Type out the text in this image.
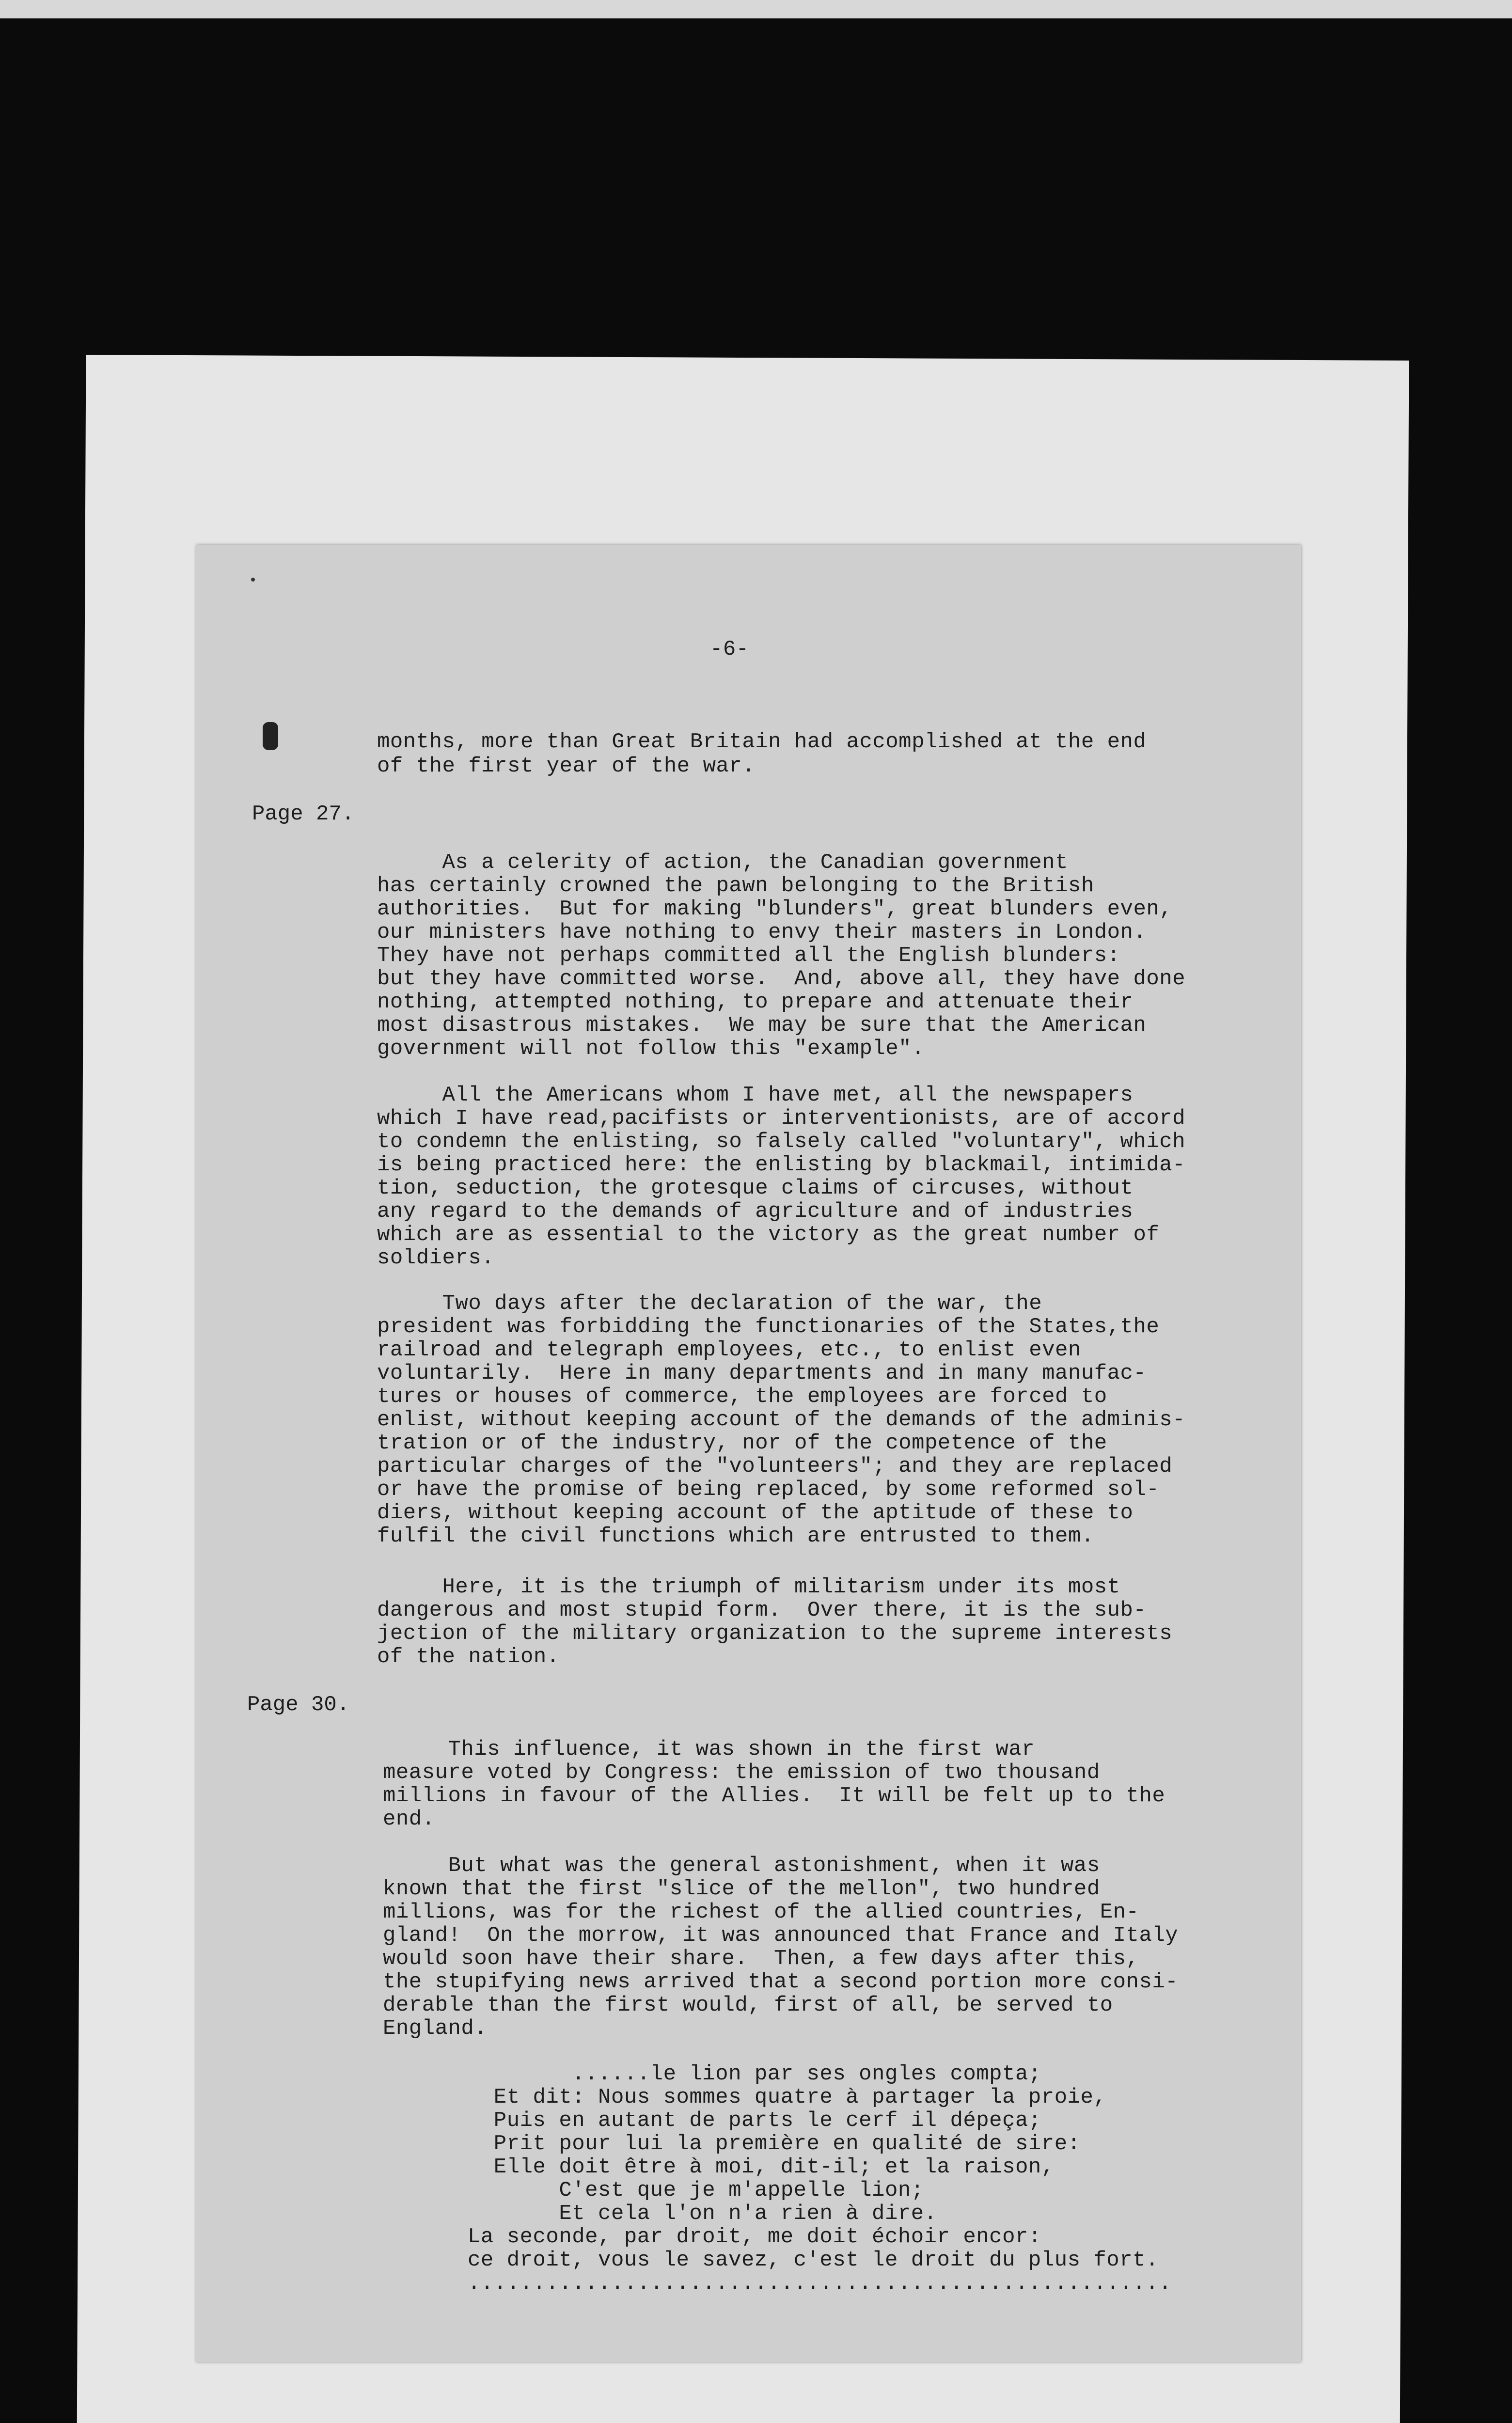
-6-
months, more than Great Britain had accomplished at the end
of the first year of the war.
Page 27.
As a celerity of action, the Canadian government
has certainly crowned the pawn belonging to the British
authorities.  But for making "blunders", great blunders even,
our ministers have nothing to envy their masters in London.
They have not perhaps committed all the English blunders:
but they have committed worse.  And, above all, they have done
nothing, attempted nothing, to prepare and attenuate their
most disastrous mistakes.  We may be sure that the American
government will not follow this "example".
All the Americans whom I have met, all the newspapers
which I have read,pacifists or interventionists, are of accord
to condemn the enlisting, so falsely called "voluntary", which
is being practiced here: the enlisting by blackmail, intimida-
tion, seduction, the grotesque claims of circuses, without
any regard to the demands of agriculture and of industries
which are as essential to the victory as the great number of
soldiers.
Two days after the declaration of the war, the
president was forbidding the functionaries of the States,the
railroad and telegraph employees, etc., to enlist even
voluntarily.  Here in many departments and in many manufac-
tures or houses of commerce, the employees are forced to
enlist, without keeping account of the demands of the adminis-
tration or of the industry, nor of the competence of the
particular charges of the "volunteers"; and they are replaced
or have the promise of being replaced, by some reformed sol-
diers, without keeping account of the aptitude of these to
fulfil the civil functions which are entrusted to them.
Here, it is the triumph of militarism under its most
dangerous and most stupid form.  Over there, it is the sub-
jection of the military organization to the supreme interests
of the nation.
Page 30.
This influence, it was shown in the first war
measure voted by Congress: the emission of two thousand
millions in favour of the Allies.  It will be felt up to the
end.
But what was the general astonishment, when it was
known that the first "slice of the mellon", two hundred
millions, was for the richest of the allied countries, En-
gland!  On the morrow, it was announced that France and Italy
would soon have their share.  Then, a few days after this,
the stupifying news arrived that a second portion more consi-
derable than the first would, first of all, be served to
England.
......le lion par ses ongles compta;
Et dit: Nous sommes quatre à partager la proie,
Puis en autant de parts le cerf il dépeça;
Prit pour lui la première en qualité de sire:
Elle doit être à moi, dit-il; et la raison,
C'est que je m'appelle lion;
Et cela l'on n'a rien à dire.
La seconde, par droit, me doit échoir encor:
ce droit, vous le savez, c'est le droit du plus fort.
......................................................
